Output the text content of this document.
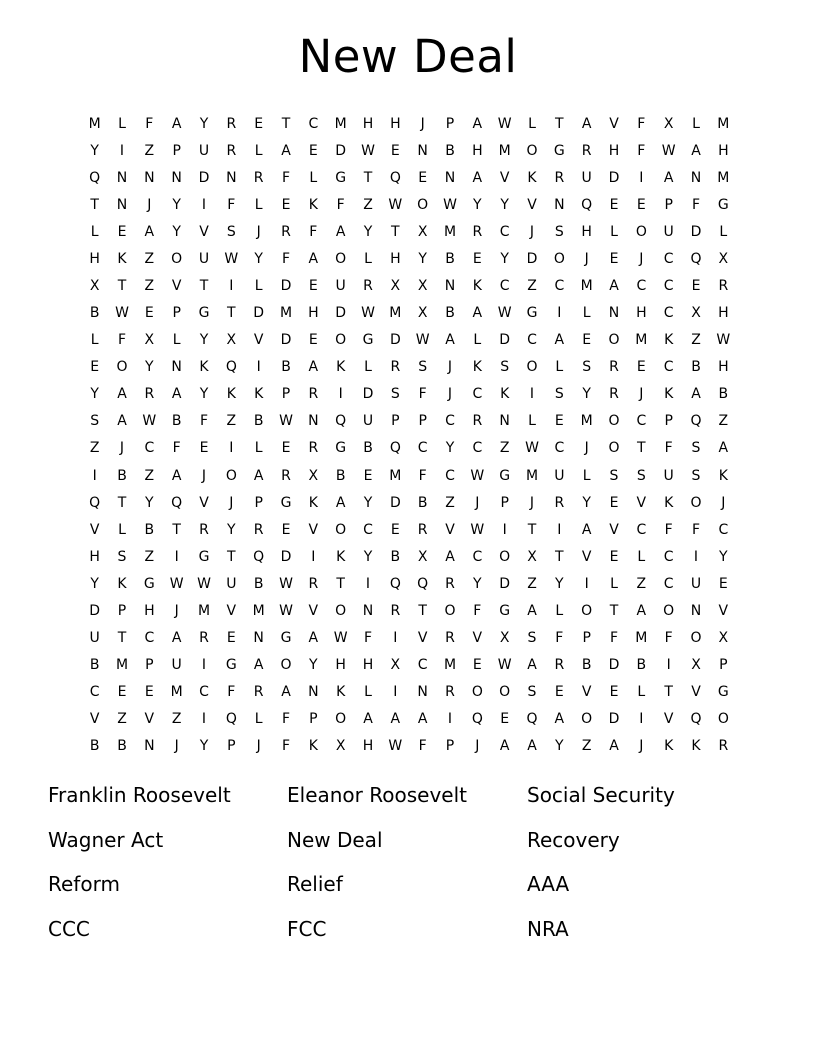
New Deal
M	L	F	A	Y	R	E	T	C	M	H	H	J	P	A	W	L	T	A	V	F	X	L	M
Y	I	Z	P	U	R	L	A	E	D	W	E	N	B	H	M	O	G	R	H	F	W	A	H
Q	N	N	N	D	N	R	F	L	G	T	Q	E	N	A	V	K	R	U	D	I	A	N	M
T	N	J	Y	I	F	L	E	K	F	Z	W	O	W	Y	Y	V	N	Q	E	E	P	F	G
L	E	A	Y	V	S	J	R	F	A	Y	T	X	M	R	C	J	S	H	L	O	U	D	L
H	K	Z	O	U	W	Y	F	A	O	L	H	Y	B	E	Y	D	O	J	E	J	C	Q	X
X	T	Z	V	T	I	L	D	E	U	R	X	X	N	K	C	Z	C	M	A	C	C	E	R
B	W	E	P	G	T	D	M	H	D	W	M	X	B	A	W	G	I	L	N	H	C	X	H
L	F	X	L	Y	X	V	D	E	O	G	D	W	A	L	D	C	A	E	O	M	K	Z	W
E	O	Y	N	K	Q	I	B	A	K	L	R	S	J	K	S	O	L	S	R	E	C	B	H
Y	A	R	A	Y	K	K	P	R	I	D	S	F	J	C	K	I	S	Y	R	J	K	A	B
S	A	W	B	F	Z	B	W	N	Q	U	P	P	C	R	N	L	E	M	O	C	P	Q	Z
Z	J	C	F	E	I	L	E	R	G	B	Q	C	Y	C	Z	W	C	J	O	T	F	S	A
I	B	Z	A	J	O	A	R	X	B	E	M	F	C	W	G	M	U	L	S	S	U	S	K
Q	T	Y	Q	V	J	P	G	K	A	Y	D	B	Z	J	P	J	R	Y	E	V	K	O	J
V	L	B	T	R	Y	R	E	V	O	C	E	R	V	W	I	T	I	A	V	C	F	F	C
H	S	Z	I	G	T	Q	D	I	K	Y	B	X	A	C	O	X	T	V	E	L	C	I	Y
Y	K	G	W W	U	B	W	R	T	I	Q	Q	R	Y	D	Z	Y	I	L	Z	C	U	E
D	P	H	J	M	V	M	W	V	O	N	R	T	O	F	G	A	L	O	T	A	O	N	V
U	T	C	A	R	E	N	G	A	W	F	I	V	R	V	X	S	F	P	F	M	F	O	X
B	M	P	U	I	G	A	O	Y	H	H	X	C	M	E	W	A	R	B	D	B	I	X	P
C	E	E	M	C	F	R	A	N	K	L	I	N	R	O	O	S	E	V	E	L	T	V	G
V	Z	V	Z	I	Q	L	F	P	O	A	A	A	I	Q	E	Q	A	O	D	I	V	Q	O
B	B	N	J	Y	P	J	F	K	X	H	W	F	P	J	A	A	Y	Z	A	J	K	K	R
Franklin Roosevelt
Wagner Act
Reform
CCC
Eleanor Roosevelt
New Deal
Relief
FCC
Social Security
Recovery
AAA
NRA
